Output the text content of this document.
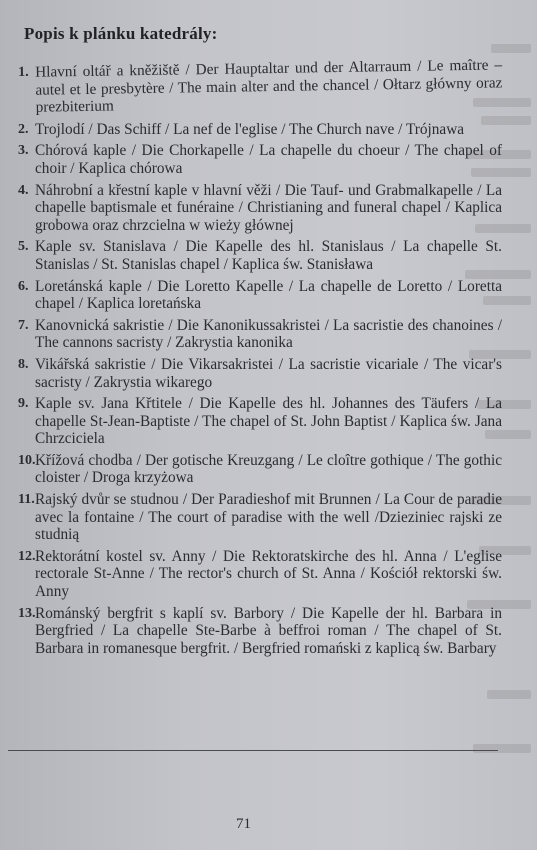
Popis k plánku katedrály:
1. Hlavní oltář a kněžiště / Der Hauptaltar und der Altarraum / Le maître – autel et le presbytère / The main alter and the chancel / Ołtarz główny oraz prezbiterium
2. Trojlodí / Das Schiff / La nef de l'eglise / The Church nave / Trójnawa
3. Chórová kaple / Die Chorkapelle / La chapelle du choeur / The chapel of choir / Kaplica chórowa
4. Náhrobní a křestní kaple v hlavní věži / Die Tauf- und Grabmalkapelle / La chapelle baptismale et funéraine / Christianing and funeral chapel / Kaplica grobowa oraz chrzcielna w wieży głównej
5. Kaple sv. Stanislava / Die Kapelle des hl. Stanislaus / La chapelle St. Stanislas / St. Stanislas chapel / Kaplica św. Stanisława
6. Loretánská kaple / Die Loretto Kapelle / La chapelle de Loretto / Loretta chapel / Kaplica loretańska
7. Kanovnická sakristie / Die Kanonikussakristei / La sacristie des chanoines / The cannons sacristy / Zakrystia kanonika
8. Vikářská sakristie / Die Vikarsakristei / La sacristie vicariale / The vicar's sacristy / Zakrystia wikarego
9. Kaple sv. Jana Křtitele / Die Kapelle des hl. Johannes des Täufers / La chapelle St-Jean-Baptiste / The chapel of St. John Baptist / Kaplica św. Jana Chrzciciela
10. Křížová chodba / Der gotische Kreuzgang / Le cloître gothique / The gothic cloister / Droga krzyżowa
11. Rajský dvůr se studnou / Der Paradieshof mit Brunnen / La Cour de paradie avec la fontaine / The court of paradise with the well /Dzieziniec rajski ze studnią
12. Rektorátní kostel sv. Anny / Die Rektoratskirche des hl. Anna / L'eglise rectorale St-Anne / The rector's church of St. Anna / Kościół rektorski św. Anny
13. Románský bergfrit s kaplí sv. Barbory / Die Kapelle der hl. Barbara in Bergfried / La chapelle Ste-Barbe à beffroi roman / The chapel of St. Barbara in romanesque bergfrit. / Bergfried romański z kaplicą św. Barbary
71
